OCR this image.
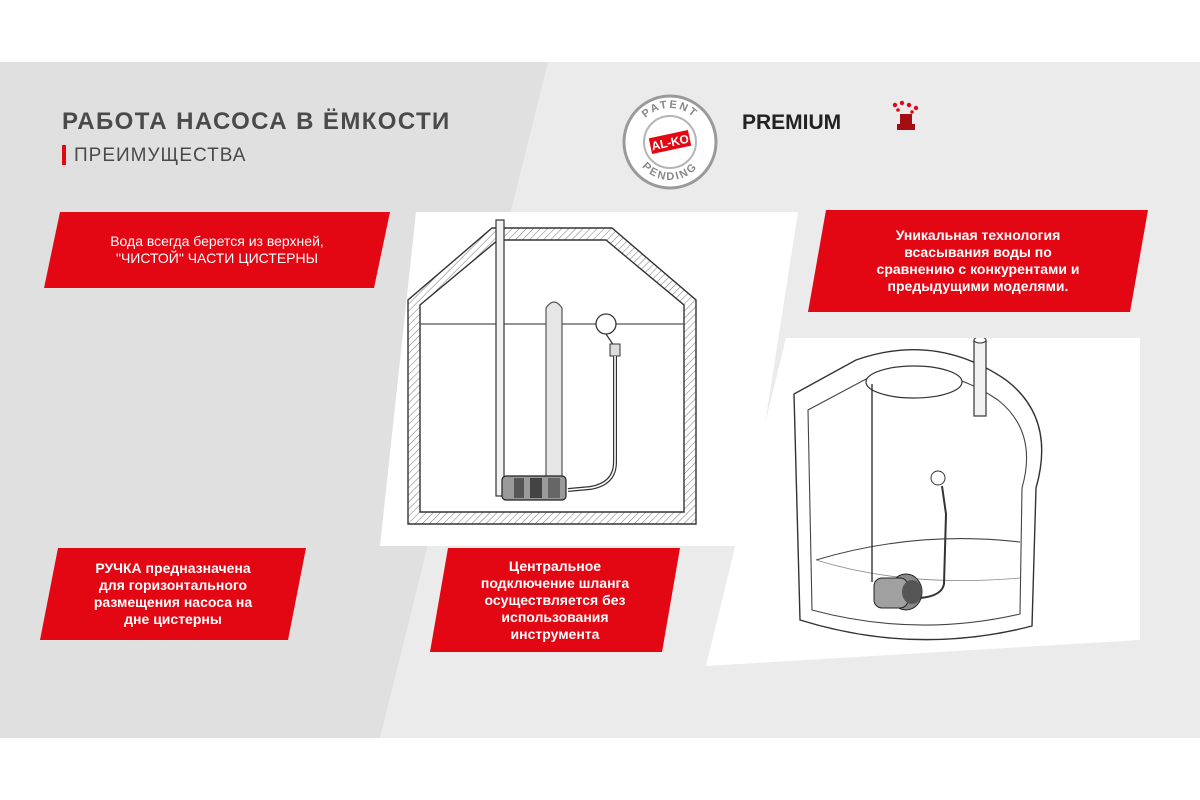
РАБОТА НАСОСА В ЁМКОСТИ
ПРЕИМУЩЕСТВА
PATENT
PENDING
AL-KO
PREMIUM
Вода всегда берется из верхней,
"ЧИСТОЙ" ЧАСТИ ЦИСТЕРНЫ
Уникальная технология
всасывания воды по
сравнению с конкурентами и
предыдущими моделями.
РУЧКА предназначена
для горизонтального
размещения насоса на
дне цистерны
Центральное
подключение шланга
осуществляется без
использования
инструмента
